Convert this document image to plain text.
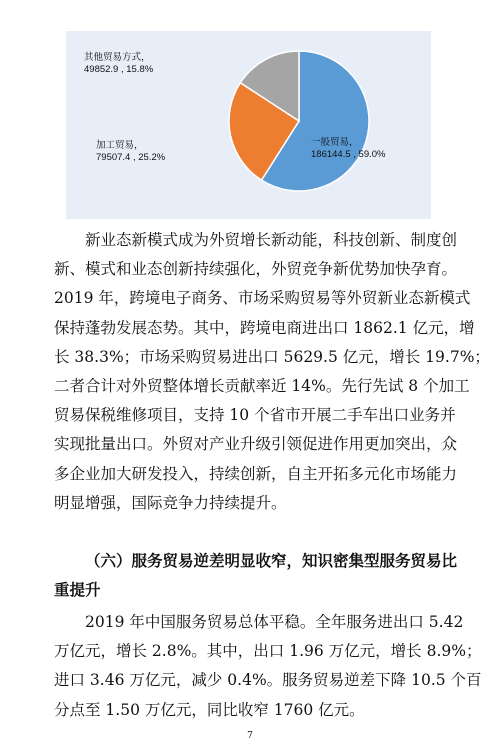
其他贸易方式，
49852.9 , 15.8%
加工贸易，
79507.4 , 25.2%
一般贸易，
186144.5 , 59.0%
新业态新模式成为外贸增长新动能，科技创新、制度创
新、模式和业态创新持续强化，外贸竞争新优势加快孕育。
2019 年，跨境电子商务、市场采购贸易等外贸新业态新模式
保持蓬勃发展态势。其中，跨境电商进出口 1862.1 亿元，增
长 38.3%；市场采购贸易进出口 5629.5 亿元，增长 19.7%；
二者合计对外贸整体增长贡献率近 14%。先行先试 8 个加工
贸易保税维修项目，支持 10 个省市开展二手车出口业务并
实现批量出口。外贸对产业升级引领促进作用更加突出，众
多企业加大研发投入，持续创新，自主开拓多元化市场能力
明显增强，国际竞争力持续提升。
（六）服务贸易逆差明显收窄，知识密集型服务贸易比
重提升
2019 年中国服务贸易总体平稳。全年服务进出口 5.42
万亿元，增长 2.8%。其中，出口 1.96 万亿元，增长 8.9%；
进口 3.46 万亿元，减少 0.4%。服务贸易逆差下降 10.5 个百
分点至 1.50 万亿元，同比收窄 1760 亿元。
7
